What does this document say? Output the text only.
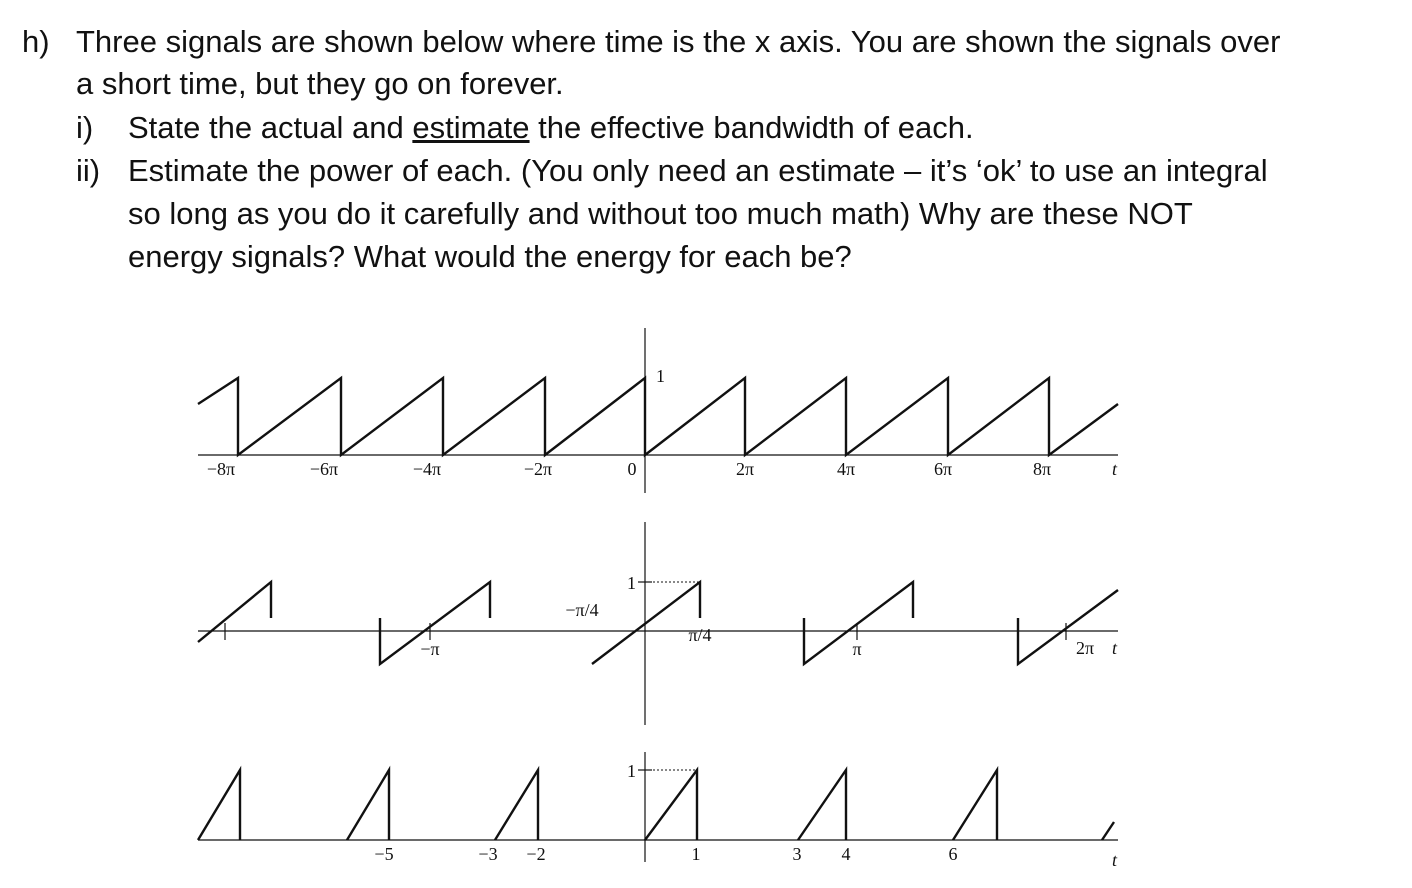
h) Three signals are shown below where time is the x axis. You are shown the signals over
a short time, but they go on forever.
i) State the actual and estimate the effective bandwidth of each.
ii) Estimate the power of each. (You only need an estimate – it’s ‘ok’ to use an integral
so long as you do it carefully and without too much math) Why are these NOT
energy signals? What would the energy for each be?
1
−8π	−6π	−4π	−2π	0	2π	4π	6π	8π	t
1
−π/4
π/4
−π	π	2π t
1
−5	−3 −2	1	3 4	6	t
